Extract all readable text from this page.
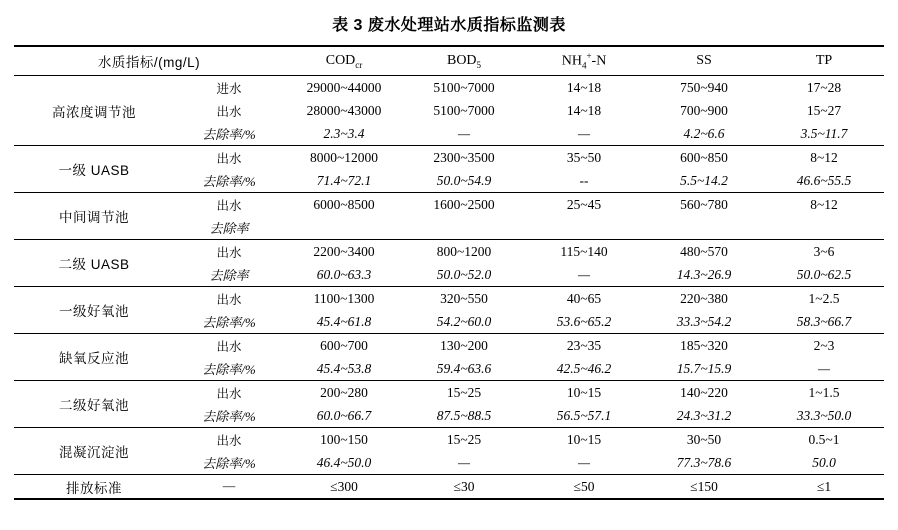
表 3 废水处理站水质指标监测表
水质指标/(mg/L)		$COD_{cr}$	$BOD_5$	$NH_4^+-N$	SS	TP
高浓度调节池	进水	29000~44000	5100~7000	14~18	750~940	17~28
	出水	28000~43000	5100~7000	14~18	700~900	15~27
	去除率/%	2.3~3.4	—	—	4.2~6.6	3.5~11.7
一级 UASB	出水	8000~12000	2300~3500	35~50	600~850	8~12
	去除率/%	71.4~72.1	50.0~54.9	--	5.5~14.2	46.6~55.5
中间调节池	出水	6000~8500	1600~2500	25~45	560~780	8~12
	去除率					
二级 UASB	出水	2200~3400	800~1200	115~140	480~570	3~6
	去除率	60.0~63.3	50.0~52.0	—	14.3~26.9	50.0~62.5
一级好氧池	出水	1100~1300	320~550	40~65	220~380	1~2.5
	去除率/%	45.4~61.8	54.2~60.0	53.6~65.2	33.3~54.2	58.3~66.7
缺氧反应池	出水	600~700	130~200	23~35	185~320	2~3
	去除率/%	45.4~53.8	59.4~63.6	42.5~46.2	15.7~15.9	—
二级好氧池	出水	200~280	15~25	10~15	140~220	1~1.5
	去除率/%	60.0~66.7	87.5~88.5	56.5~57.1	24.3~31.2	33.3~50.0
混凝沉淀池	出水	100~150	15~25	10~15	30~50	0.5~1
	去除率/%	46.4~50.0	—	—	77.3~78.6	50.0
排放标准	—	≤300	≤30	≤50	≤150	≤1
